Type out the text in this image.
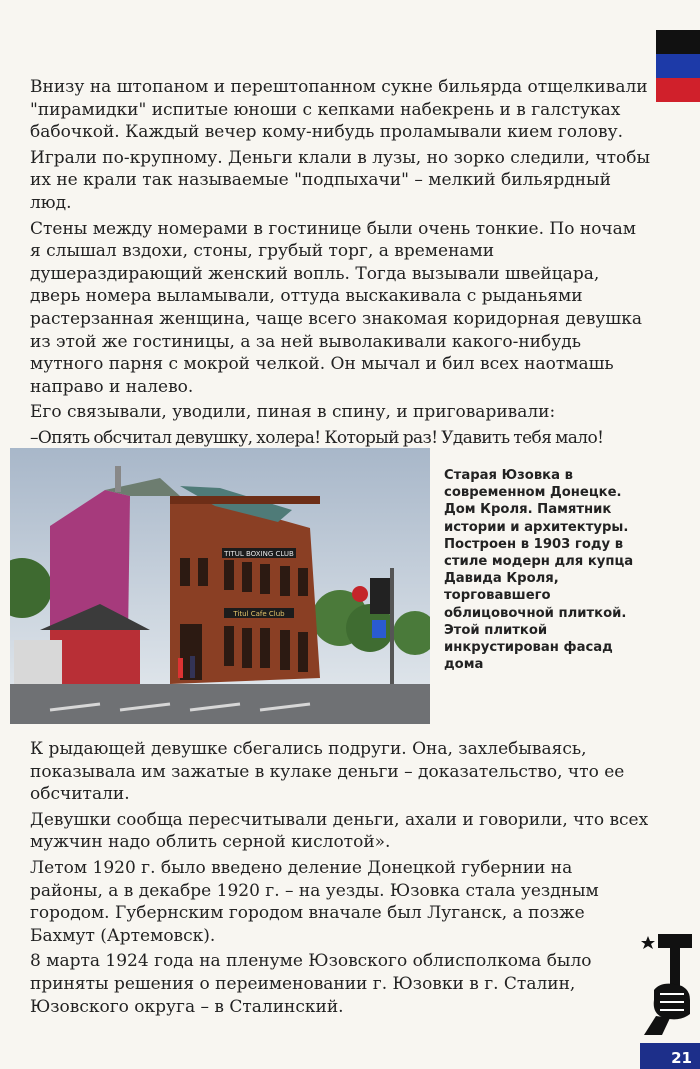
Внизу на штопаном и перештопанном сукне бильярда отщелкивали "пирамидки" испитые юноши с кепками набекрень и в галстуках бабочкой. Каждый вечер кому-нибудь проламывали кием голову.

Играли по-крупному. Деньги клали в лузы, но зорко следили, чтобы их не крали так называемые "подпыхачи" – мелкий бильярдный люд.

Стены между номерами в гостинице были очень тонкие. По ночам я слышал вздохи, стоны, грубый торг, а временами душераздирающий женский вопль. Тогда вызывали швейцара, дверь номера выламывали, оттуда выскакивала с рыданьями растерзанная женщина, чаще всего знакомая коридорная девушка из этой же гостиницы, а за ней выволакивали какого-нибудь мутного парня с мокрой челкой. Он мычал и бил всех наотмашь направо и налево.

Его связывали, уводили, пиная в спину, и приговаривали:

–Опять обсчитал девушку, холера! Который раз! Удавить тебя мало!

TITUL BOXING CLUB
Titul Cafe Club
Старая Юзовка в современном Донецке. Дом Кроля. Памятник истории и архитектуры. Построен в 1903 году в стиле модерн для купца Давида Кроля, торговавшего облицовочной плиткой. Этой плиткой инкрустирован фасад дома

К рыдающей девушке сбегались подруги. Она, захлебываясь, показывала им зажатые в кулаке деньги – доказательство, что ее обсчитали.

Девушки сообща пересчитывали деньги, ахали и говорили, что всех мужчин надо облить серной кислотой».

Летом 1920 г. было введено деление Донецкой губернии на районы, а в декабре 1920 г. – на уезды. Юзовка стала уездным городом. Губернским городом вначале был Луганск, а позже Бахмут (Артемовск).

8 марта 1924 года на пленуме Юзовского облисполкома было приняты решения о переименовании г. Юзовки в г. Сталин, Юзовского округа – в Сталинский.

21
